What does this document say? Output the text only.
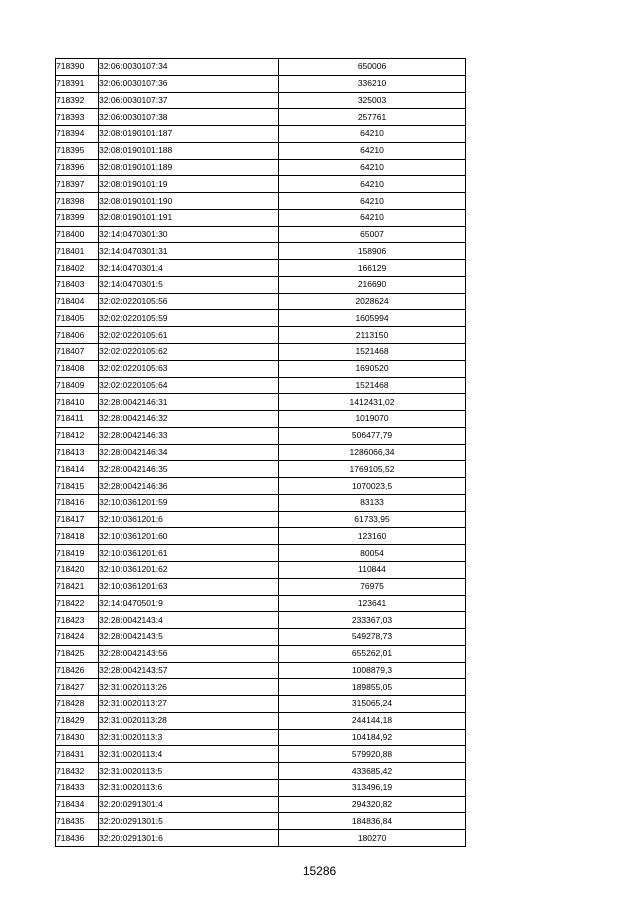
718390	32:06:0030107:34	650006
718391	32:06:0030107:36	336210
718392	32:06:0030107:37	325003
718393	32:06:0030107:38	257761
718394	32:08:0190101:187	64210
718395	32:08:0190101:188	64210
718396	32:08:0190101:189	64210
718397	32:08:0190101:19	64210
718398	32:08:0190101:190	64210
718399	32:08:0190101:191	64210
718400	32:14:0470301:30	65007
718401	32:14:0470301:31	158906
718402	32:14:0470301:4	166129
718403	32:14:0470301:5	216690
718404	32:02:0220105:56	2028624
718405	32:02:0220105:59	1605994
718406	32:02:0220105:61	2113150
718407	32:02:0220105:62	1521468
718408	32:02:0220105:63	1690520
718409	32:02:0220105:64	1521468
718410	32:28:0042146:31	1412431,02
718411	32:28:0042146:32	1019070
718412	32:28:0042146:33	506477,79
718413	32:28:0042146:34	1286066,34
718414	32:28:0042146:35	1769105,52
718415	32:28:0042146:36	1070023,5
718416	32:10:0361201:59	83133
718417	32:10:0361201:6	61733,95
718418	32:10:0361201:60	123160
718419	32:10:0361201:61	80054
718420	32:10:0361201:62	110844
718421	32:10:0361201:63	76975
718422	32:14:0470501:9	123641
718423	32:28:0042143:4	233367,03
718424	32:28:0042143:5	549278,73
718425	32:28:0042143:56	655262,01
718426	32:28:0042143:57	1008879,3
718427	32:31:0020113:26	189855,05
718428	32:31:0020113:27	315065,24
718429	32:31:0020113:28	244144,18
718430	32:31:0020113:3	104184,92
718431	32:31:0020113:4	579920,88
718432	32:31:0020113:5	433685,42
718433	32:31:0020113:6	313496,19
718434	32:20:0291301:4	294320,82
718435	32:20:0291301:5	184836,84
718436	32:20:0291301:6	180270
15286
